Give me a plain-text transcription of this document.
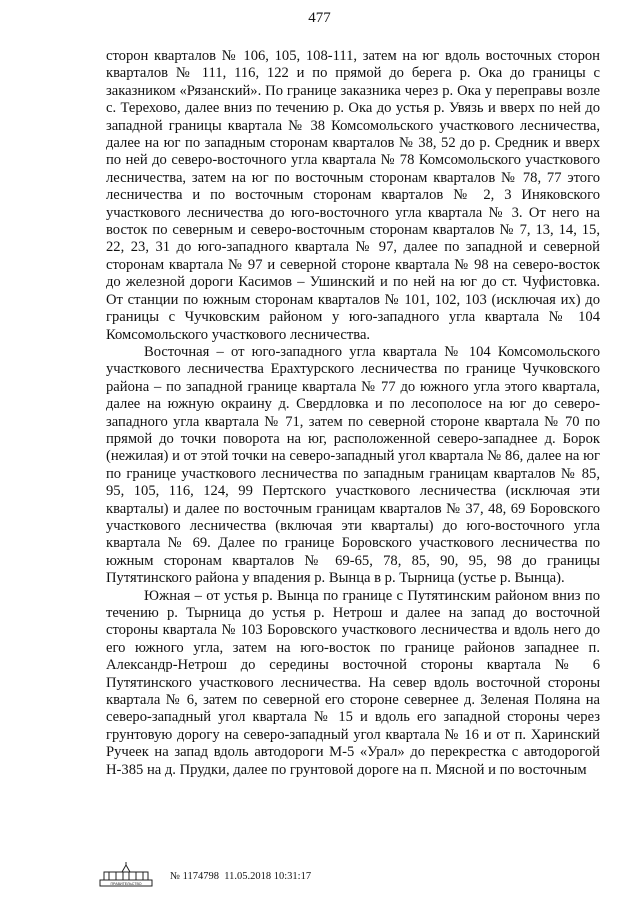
477

сторон кварталов № 106, 105, 108-111, затем на юг вдоль восточных сторон кварталов № 111, 116, 122 и по прямой до берега р. Ока до границы с заказником «Рязанский». По границе заказника через р. Ока у переправы возле с. Терехово, далее вниз по течению р. Ока до устья р. Увязь и вверх по ней до западной границы квартала № 38 Комсомольского участкового лесничества, далее на юг по западным сторонам кварталов № 38, 52 до р. Средник и вверх по ней до северо-восточного угла квартала № 78 Комсомольского участкового лесничества, затем на юг по восточным сторонам кварталов № 78, 77 этого лесничества и по восточным сторонам кварталов № 2, 3 Иняковского участкового лесничества до юго-восточного угла квартала № 3. От него на восток по северным и северо-восточным сторонам кварталов № 7, 13, 14, 15, 22, 23, 31 до юго-западного квартала № 97, далее по западной и северной сторонам квартала № 97 и северной стороне квартала № 98 на северо-восток до железной дороги Касимов – Ушинский и по ней на юг до ст. Чуфистовка. От станции по южным сторонам кварталов № 101, 102, 103 (исключая их) до границы с Чучковским районом у юго-западного угла квартала № 104 Комсомольского участкового лесничества.

Восточная – от юго-западного угла квартала № 104 Комсомольского участкового лесничества Ерахтурского лесничества по границе Чучковского района – по западной границе квартала № 77 до южного угла этого квартала, далее на южную окраину д. Свердловка и по лесополосе на юг до северо-западного угла квартала № 71, затем по северной стороне квартала № 70 по прямой до точки поворота на юг, расположенной северо-западнее д. Борок (нежилая) и от этой точки на северо-западный угол квартала № 86, далее на юг по границе участкового лесничества по западным границам кварталов № 85, 95, 105, 116, 124, 99 Пертского участкового лесничества (исключая эти кварталы) и далее по восточным границам кварталов № 37, 48, 69 Боровского участкового лесничества (включая эти кварталы) до юго-восточного угла квартала № 69. Далее по границе Боровского участкового лесничества по южным сторонам кварталов № 69-65, 78, 85, 90, 95, 98 до границы Путятинского района у впадения р. Вынца в р. Тырница (устье р. Вынца).

Южная – от устья р. Вынца по границе с Путятинским районом вниз по течению р. Тырница до устья р. Нетрош и далее на запад до восточной стороны квартала № 103 Боровского участкового лесничества и вдоль него до его южного угла, затем на юго-восток по границе районов западнее п. Александр-Нетрош до середины восточной стороны квартала № 6 Путятинского участкового лесничества. На север вдоль восточной стороны квартала № 6, затем по северной его стороне севернее д. Зеленая Поляна на северо-западный угол квартала № 15 и вдоль его западной стороны через грунтовую дорогу на северо-западный угол квартала № 16 и от п. Харинский Ручеек на запад вдоль автодороги М-5 «Урал» до перекрестка с автодорогой Н-385 на д. Прудки, далее по грунтовой дороге на п. Мясной и по восточным

ПРАВИТЕЛЬСТВО
№ 1174798 11.05.2018 10:31:17
